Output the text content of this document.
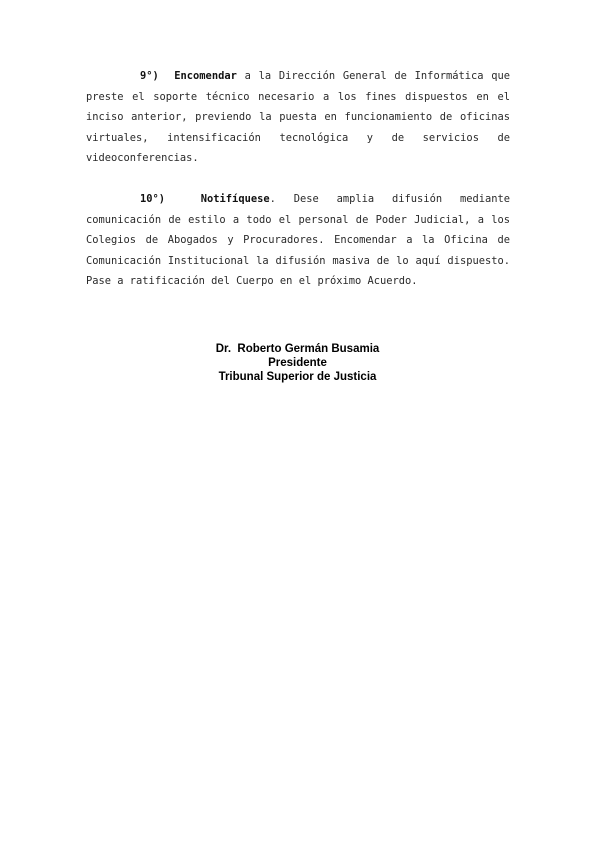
9°) Encomendar a la Dirección General de Informática que preste el soporte técnico necesario a los fines dispuestos en el inciso anterior, previendo la puesta en funcionamiento de oficinas virtuales, intensificación tecnológica y de servicios de videoconferencias.

10°)	Notifíquese. Dese amplia difusión mediante comunicación de estilo a todo el personal de Poder Judicial, a los Colegios de Abogados y Procuradores. Encomendar a la Oficina de Comunicación Institucional la difusión masiva de lo aquí dispuesto. Pase a ratificación del Cuerpo en el próximo Acuerdo.

Dr.  Roberto Germán Busamia
Presidente
Tribunal Superior de Justicia
